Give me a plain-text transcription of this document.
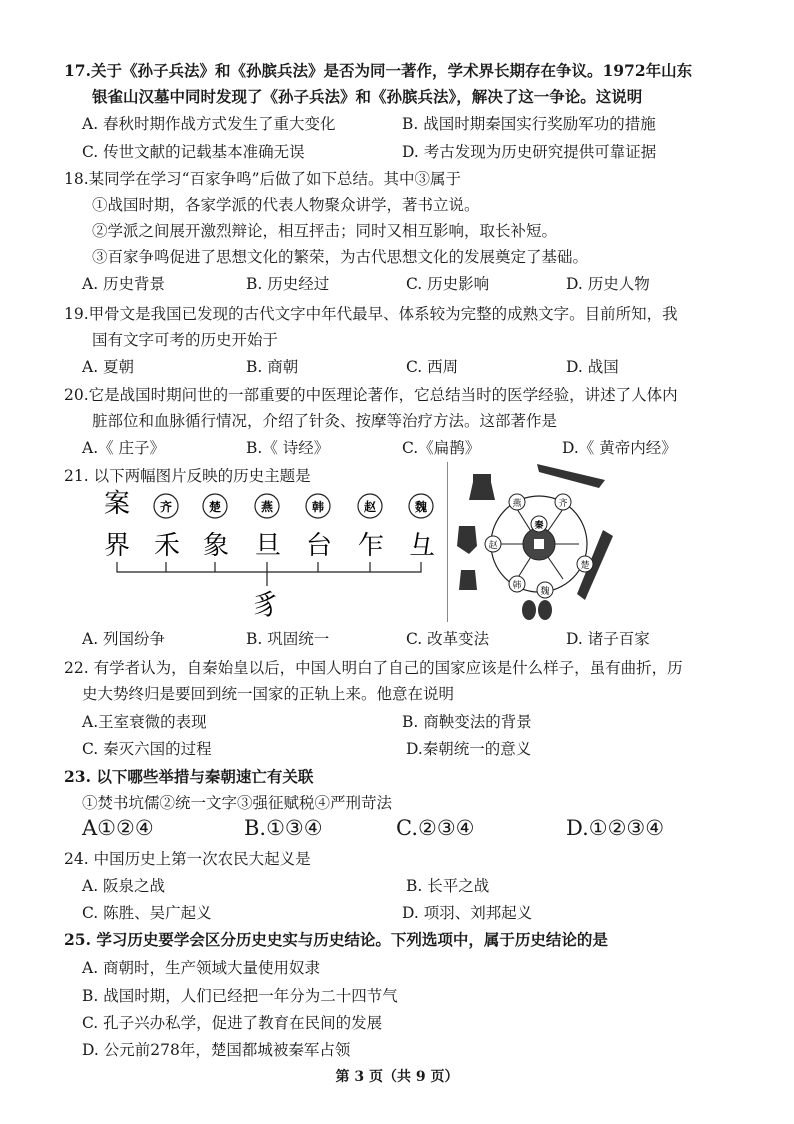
17.关于《孙子兵法》和《孙膑兵法》是否为同一著作，学术界长期存在争议。1972年山东
银雀山汉墓中同时发现了《孙子兵法》和《孙膑兵法》，解决了这一争论。这说明
A. 春秋时期作战方式发生了重大变化	B. 战国时期秦国实行奖励军功的措施
C. 传世文献的记载基本准确无误	D. 考古发现为历史研究提供可靠证据
18.某同学在学习“百家争鸣”后做了如下总结。其中③属于
①战国时期，各家学派的代表人物聚众讲学，著书立说。
②学派之间展开激烈辩论，相互抨击；同时又相互影响，取长补短。
③百家争鸣促进了思想文化的繁荣，为古代思想文化的发展奠定了基础。
A. 历史背景	B. 历史经过	C. 历史影响	D. 历史人物
19.甲骨文是我国已发现的古代文字中年代最早、体系较为完整的成熟文字。目前所知，我
国有文字可考的历史开始于
A. 夏朝	B. 商朝	C. 西周	D. 战国
20.它是战国时期问世的一部重要的中医理论著作，它总结当时的医学经验，讲述了人体内
脏部位和血脉循行情况，介绍了针灸、按摩等治疗方法。这部著作是
A.《 庄子》	B.《 诗经》	C.《扁鹊》	D.《 黄帝内经》
21. 以下两幅图片反映的历史主题是
案 齐	楚	燕	韩	赵	魏
界 禾 象 旦 台 乍 彑
豸
秦
燕	齐
楚
韩
赵
魏
A. 列国纷争	B. 巩固统一	C. 改革变法	D. 诸子百家
22. 有学者认为，自秦始皇以后，中国人明白了自己的国家应该是什么样子，虽有曲折，历
史大势终归是要回到统一国家的正轨上来。他意在说明
A.王室衰微的表现	B. 商鞅变法的背景
C. 秦灭六国的过程	D.秦朝统一的意义
23. 以下哪些举措与秦朝速亡有关联
①焚书坑儒②统一文字③强征赋税④严刑苛法
A①②④	B.①③④	C.②③④	D.①②③④
24. 中国历史上第一次农民大起义是
A. 阪泉之战	B. 长平之战
C. 陈胜、吴广起义	D. 项羽、刘邦起义
25. 学习历史要学会区分历史史实与历史结论。下列选项中，属于历史结论的是
A. 商朝时，生产领域大量使用奴隶
B. 战国时期，人们已经把一年分为二十四节气
C. 孔子兴办私学，促进了教育在民间的发展
D. 公元前278年，楚国都城被秦军占领
第 3 页（共 9 页）
